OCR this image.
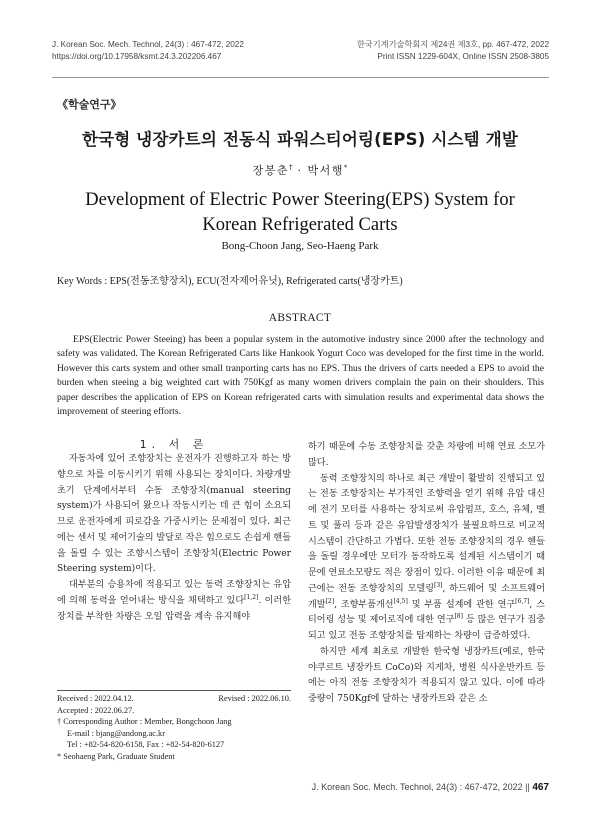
J. Korean Soc. Mech. Technol, 24(3) : 467-472, 2022
https://doi.org/10.17958/ksmt.24.3.202206.467
한국기계기술학회지 제24권 제3호, pp. 467-472, 2022
Print ISSN 1229-604X, Online ISSN 2508-3805
《학술연구》
한국형 냉장카트의 전동식 파워스티어링(EPS) 시스템 개발
장봉춘† · 박서행*
Development of Electric Power Steering(EPS) System for
Korean Refrigerated Carts
Bong-Choon Jang, Seo-Haeng Park
Key Words : EPS(전동조향장치), ECU(전자제어유닛), Refrigerated carts(냉장카트)
ABSTRACT
EPS(Electric Power Steeing) has been a popular system in the automotive industry since 2000 after the technology and safety was validated. The Korean Refrigerated Carts like Hankook Yogurt Coco was developed for the first time in the world. However this carts system and other small tranporting carts has no EPS. Thus the drivers of carts needed a EPS to avoid the burden when steeing a big weighted cart with 750Kgf as many women drivers complain the pain on their shoulders. This paper describes the application of EPS on Korean refrigerated carts with simulation results and experimental data shows the improvement of steering efforts.
1. 서 론

자동차에 있어 조향장치는 운전자가 진행하고자 하는 방향으로 차를 이동시키기 위해 사용되는 장치이다. 차량개발 초기 단계에서부터 수동 조향장치(manual steering system)가 사용되어 왔으나 작동시키는 데 큰 힘이 소요되므로 운전자에게 피로감을 가중시키는 문제점이 있다. 최근에는 센서 및 제어기술의 발달로 작은 힘으로도 손쉽게 핸들을 돌릴 수 있는 조향시스템이 조향장치(Electric Power Steering system)이다.

대부분의 승용차에 적용되고 있는 동력 조향장치는 유압에 의해 동력을 얻어내는 방식을 채택하고 있다[1,2]. 이러한 장치를 부착한 차량은 오일 압력을 계속 유지해야

하기 때문에 수동 조향장치를 갖춘 차량에 비해 연료 소모가 많다.

동력 조향장치의 하나로 최근 개발이 활발히 진행되고 있는 전동 조향장치는 부가적인 조향력을 얻기 위해 유압 대신에 전기 모터를 사용하는 장치로써 유압펌프, 호스, 유체, 벨트 및 풀리 등과 같은 유압발생장치가 불필요하므로 비교적 시스템이 간단하고 가볍다. 또한 전동 조향장치의 경우 핸들을 돌릴 경우에만 모터가 동작하도록 설계된 시스템이기 때문에 연료소모량도 적은 장점이 있다. 이러한 이유 때문에 최근에는 전동 조향장치의 모델링[3], 하드웨어 및 소프트웨어 개발[2], 조향부품개선[4,5] 및 부품 설계에 관한 연구[6,7], 스티어링 성능 및 제어로직에 대한 연구[8] 등 많은 연구가 집중되고 있고 전동 조향장치를 탑재하는 차량이 급증하였다.

하지만 세계 최초로 개발한 한국형 냉장카트(예로, 한국 야쿠르트 냉장카트 CoCo)와 지게차, 병원 식사운반카트 등에는 아직 전동 조향장치가 적용되지 않고 있다. 이에 따라 중량이 750Kgf에 달하는 냉장카트와 같은 소

Received : 2022.04.12.	Revised : 2022.06.10.
Accepted : 2022.06.27.
† Corresponding Author : Member, Bongchoon Jang
E-mail : bjang@andong.ac.kr
Tel : +82-54-820-6158, Fax : +82-54-820-6127
* Seohaeng Park, Graduate Student
J. Korean Soc. Mech. Technol, 24(3) : 467-472, 2022 || 467
